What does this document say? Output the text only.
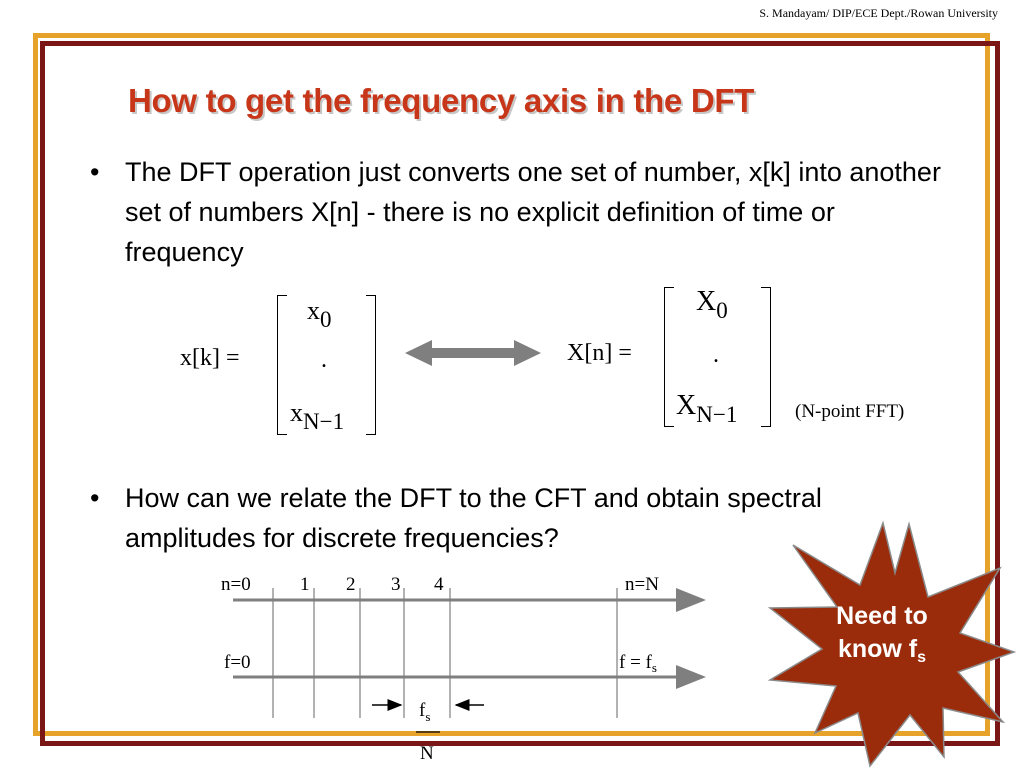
S. Mandayam/ DIP/ECE Dept./Rowan University
How to get the frequency axis in the DFT
• The DFT operation just converts one set of number, x[k] into another set of numbers X[n] - there is no explicit definition of time or frequency
x[k] =
x0
.
xN−1
X[n] =
$X_0$
.
$X_{N-1}$	(N-point FFT)
• How can we relate the DFT to the CFT and obtain spectral amplitudes for discrete frequencies?
n=0	1 2 3 4	n=N
f=0	$f = f_s$
$f_s$
N
Need to
know $f_s$
